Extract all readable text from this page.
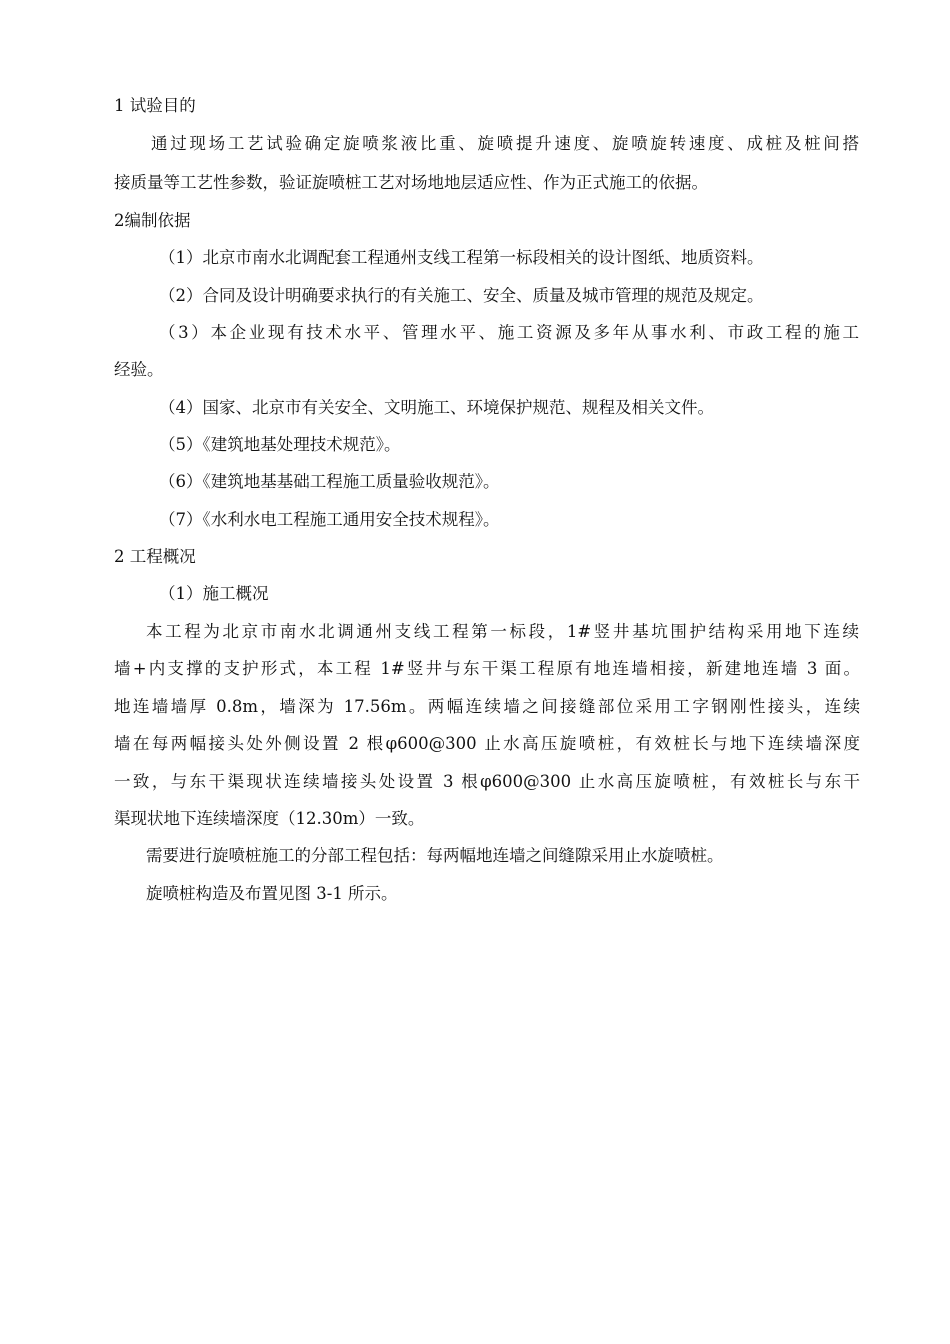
1 试验目的
通过现场工艺试验确定旋喷浆液比重、旋喷提升速度、旋喷旋转速度、成桩及桩间搭
接质量等工艺性参数，验证旋喷桩工艺对场地地层适应性、作为正式施工的依据。
2编制依据
（1）北京市南水北调配套工程通州支线工程第一标段相关的设计图纸、地质资料。
（2）合同及设计明确要求执行的有关施工、安全、质量及城市管理的规范及规定。
（3）本企业现有技术水平、管理水平、施工资源及多年从事水利、市政工程的施工
经验。
（4）国家、北京市有关安全、文明施工、环境保护规范、规程及相关文件。
（5）《建筑地基处理技术规范》。
（6）《建筑地基基础工程施工质量验收规范》。
（7）《水利水电工程施工通用安全技术规程》。
2 工程概况
（1）施工概况
本工程为北京市南水北调通州支线工程第一标段，1#竖井基坑围护结构采用地下连续
墙+内支撑的支护形式，本工程 1#竖井与东干渠工程原有地连墙相接，新建地连墙 3 面。
地连墙墙厚 0.8m，墙深为 17.56m。两幅连续墙之间接缝部位采用工字钢刚性接头，连续
墙在每两幅接头处外侧设置 2 根φ600@300 止水高压旋喷桩，有效桩长与地下连续墙深度
一致，与东干渠现状连续墙接头处设置 3 根φ600@300 止水高压旋喷桩，有效桩长与东干
渠现状地下连续墙深度（12.30m）一致。
需要进行旋喷桩施工的分部工程包括：每两幅地连墙之间缝隙采用止水旋喷桩。
旋喷桩构造及布置见图 3-1 所示。
